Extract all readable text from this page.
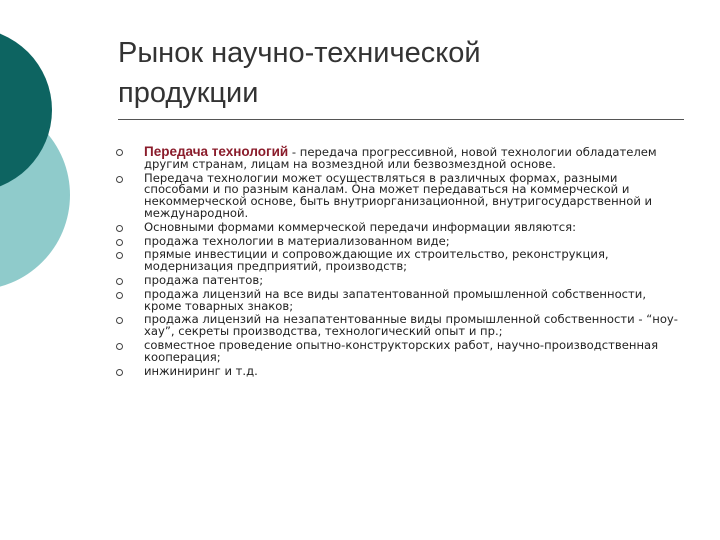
Рынок научно-технической
продукции
Передача технологий - передача прогрессивной, новой технологии обладателем другим странам, лицам на возмездной или безвозмездной основе.
Передача технологии может осуществляться в различных формах, разными способами и по разным каналам. Она может передаваться на коммерческой и некоммерческой основе, быть внутриорганизационной, внутригосударственной и международной.
Основными формами коммерческой передачи информации являются:
продажа технологии в материализованном виде;
прямые инвестиции и сопровождающие их строительство, реконструкция, модернизация предприятий, производств;
продажа патентов;
продажа лицензий на все виды запатентованной промышленной собственности, кроме товарных знаков;
продажа лицензий на незапатентованные виды промышленной собственности - “ноу-хау”, секреты производства, технологический опыт и пр.;
совместное проведение опытно-конструкторских работ, научно-производственная кооперация;
инжиниринг и т.д.
